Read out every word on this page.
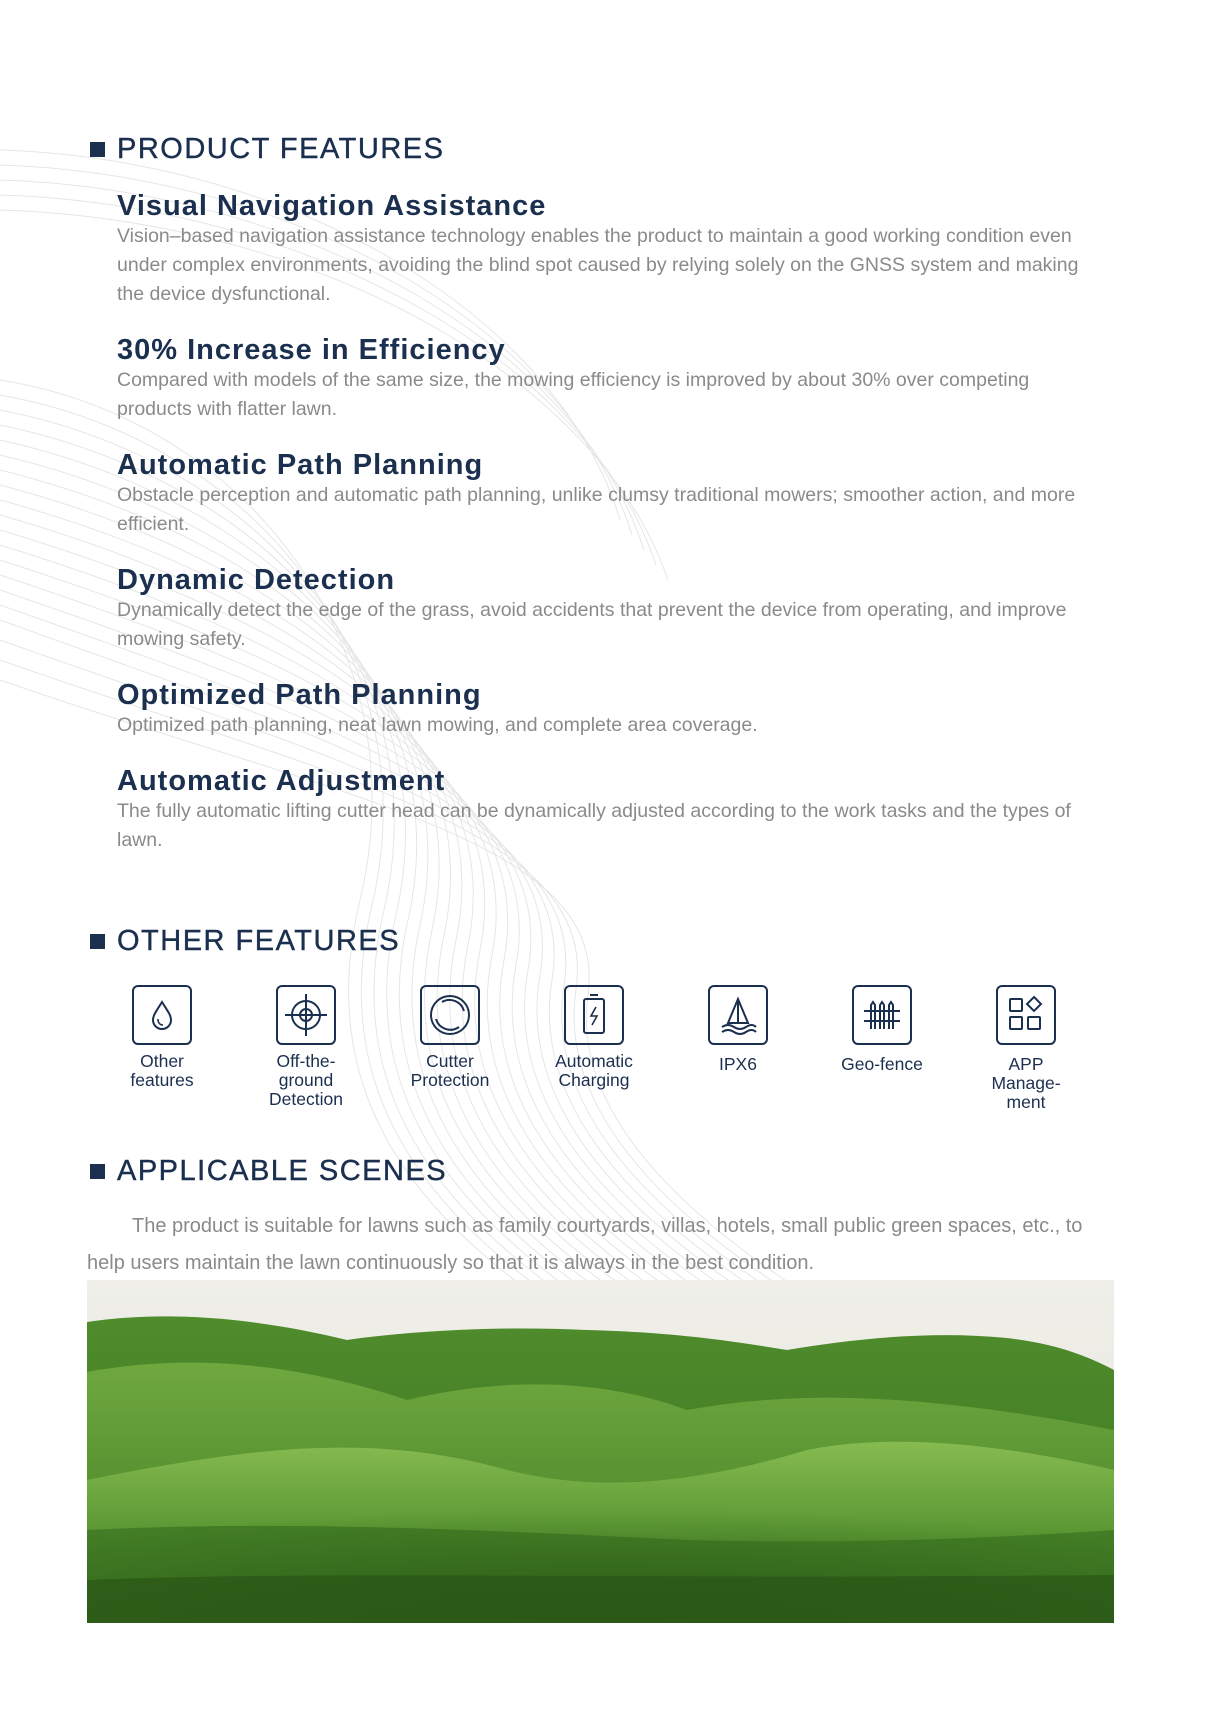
PRODUCT FEATURES
Visual Navigation Assistance

Vision–based navigation assistance technology enables the product to maintain a good working condition even under complex environments, avoiding the blind spot caused by relying solely on the GNSS system and making the device dysfunctional.

30% Increase in Efficiency

Compared with models of the same size, the mowing efficiency is improved by about 30% over competing products with flatter lawn.

Automatic Path Planning

Obstacle perception and automatic path planning, unlike clumsy traditional mowers; smoother action, and more efficient.

Dynamic Detection

Dynamically detect the edge of the grass, avoid accidents that prevent the device from operating, and improve mowing safety.

Optimized Path Planning

Optimized path planning, neat lawn mowing, and complete area coverage.

Automatic Adjustment

The fully automatic lifting cutter head can be dynamically adjusted according to the work tasks and the types of lawn.

OTHER FEATURES
Other
features
Off-the-
ground
Detection
Cutter
Protection
Automatic
Charging
IPX6	Geo-fence	APP
Manage-
ment
APPLICABLE SCENES
The product is suitable for lawns such as family courtyards, villas, hotels, small public green spaces, etc., to help users maintain the lawn continuously so that it is always in the best condition.
